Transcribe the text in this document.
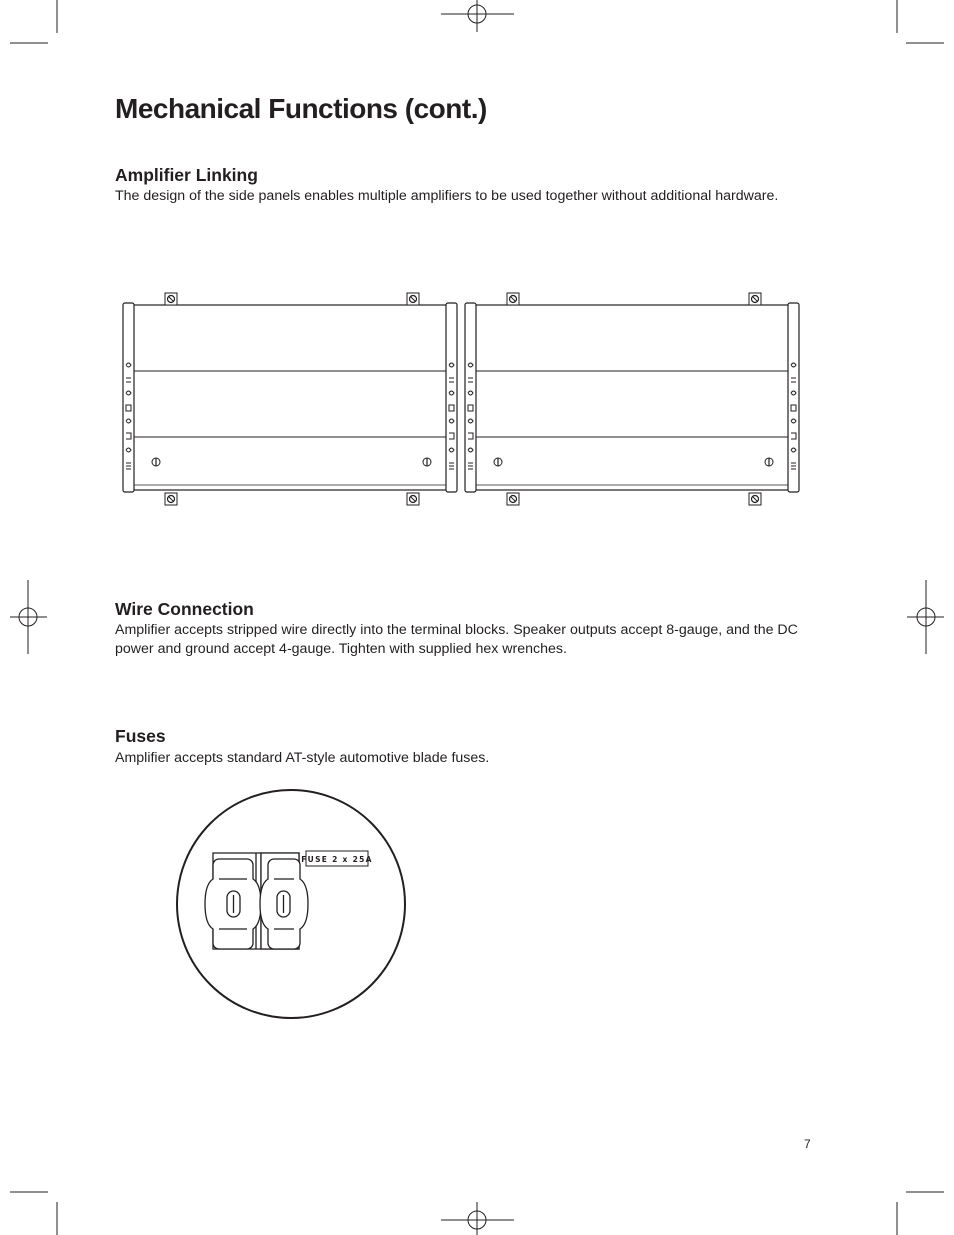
Mechanical Functions (cont.)
Amplifier Linking

The design of the side panels enables multiple amplifiers to be used together without additional hardware.

Wire Connection

Amplifier accepts stripped wire directly into the terminal blocks. Speaker outputs accept 8-gauge, and the DC power and ground accept 4-gauge. Tighten with supplied hex wrenches.

Fuses

Amplifier accepts standard AT-style automotive blade fuses.

FUSE 2 x 25A
7
